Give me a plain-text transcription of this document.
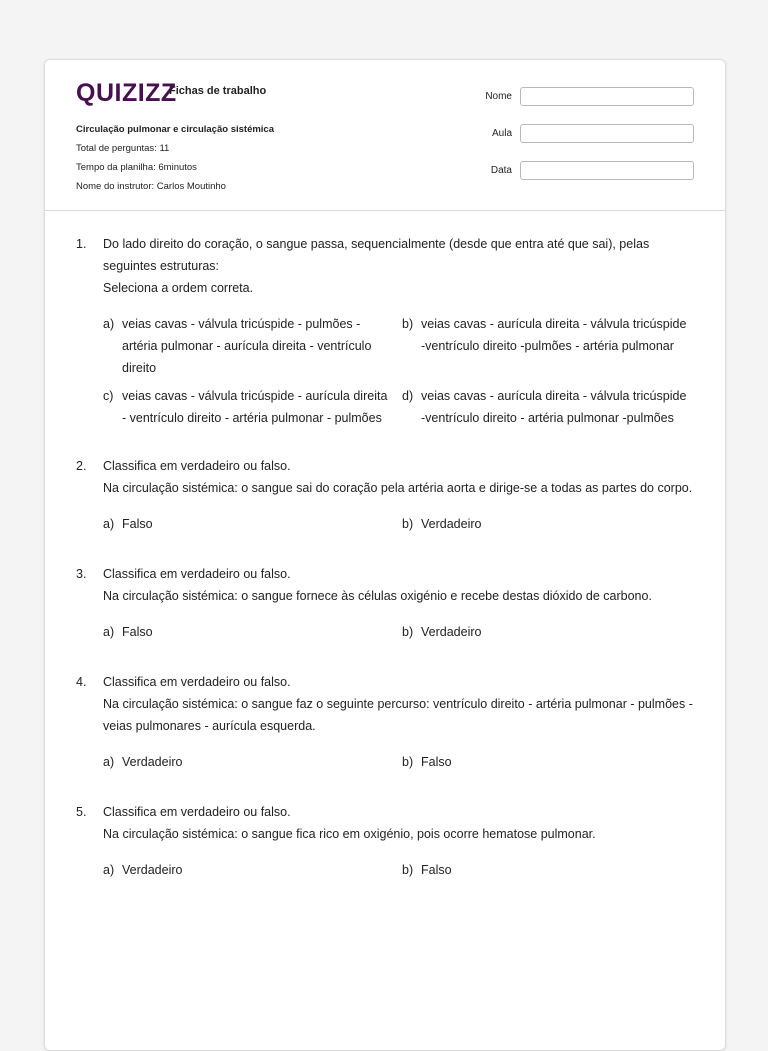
QUIZIZZ
Fichas de trabalho
Circulação pulmonar e circulação sistémica
Total de perguntas: 11
Tempo da planilha: 6minutos
Nome do instrutor: Carlos Moutinho
Nome
Aula
Data
1.	Do lado direito do coração, o sangue passa, sequencialmente (desde que entra até que sai), pelas seguintes estruturas:
Seleciona a ordem correta.
a) veias cavas - válvula tricúspide - pulmões - artéria pulmonar - aurícula direita - ventrículo direito
b) veias cavas - aurícula direita - válvula tricúspide -ventrículo direito -pulmões - artéria pulmonar
c) veias cavas - válvula tricúspide - aurícula direita - ventrículo direito - artéria pulmonar - pulmões
d) veias cavas - aurícula direita - válvula tricúspide -ventrículo direito - artéria pulmonar -pulmões
2.	Classifica em verdadeiro ou falso.
Na circulação sistémica: o sangue sai do coração pela artéria aorta e dirige-se a todas as partes do corpo.
a) Falso	b) Verdadeiro
3.	Classifica em verdadeiro ou falso.
Na circulação sistémica: o sangue fornece às células oxigénio e recebe destas dióxido de carbono.
a) Falso	b) Verdadeiro
4.	Classifica em verdadeiro ou falso.
Na circulação sistémica: o sangue faz o seguinte percurso: ventrículo direito - artéria pulmonar - pulmões - veias pulmonares - aurícula esquerda.
a) Verdadeiro	b) Falso
5.	Classifica em verdadeiro ou falso.
Na circulação sistémica: o sangue fica rico em oxigénio, pois ocorre hematose pulmonar.
a) Verdadeiro	b) Falso
